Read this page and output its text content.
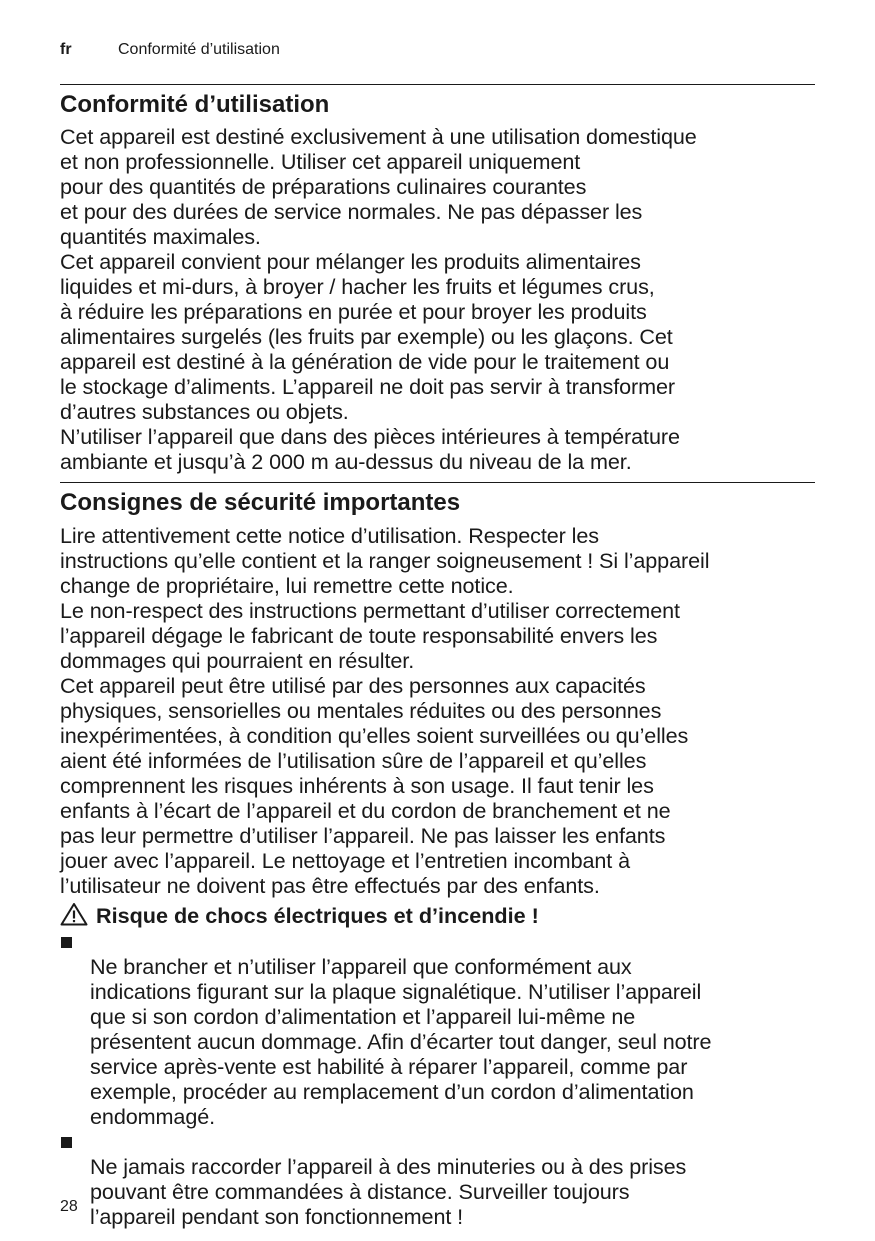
fr	Conformité d’utilisation
Conformité d’utilisation

Cet appareil est destiné exclusivement à une utilisation domestique
et non professionnelle. Utiliser cet appareil uniquement
pour des quantités de préparations culinaires courantes
et pour des durées de service normales. Ne pas dépasser les
quantités maximales.

Cet appareil convient pour mélanger les produits alimentaires
liquides et mi-durs, à broyer / hacher les fruits et légumes crus,
à réduire les préparations en purée et pour broyer les produits
alimentaires surgelés (les fruits par exemple) ou les glaçons. Cet
appareil est destiné à la génération de vide pour le traitement ou
le stockage d’aliments. L’appareil ne doit pas servir à transformer
d’autres substances ou objets.

N’utiliser l’appareil que dans des pièces intérieures à température
ambiante et jusqu’à 2 000 m au-dessus du niveau de la mer.

Consignes de sécurité importantes

Lire attentivement cette notice d’utilisation. Respecter les
instructions qu’elle contient et la ranger soigneusement ! Si l’appareil
change de propriétaire, lui remettre cette notice.

Le non-respect des instructions permettant d’utiliser correctement
l’appareil dégage le fabricant de toute responsabilité envers les
dommages qui pourraient en résulter.

Cet appareil peut être utilisé par des personnes aux capacités
physiques, sensorielles ou mentales réduites ou des personnes
inexpérimentées, à condition qu’elles soient surveillées ou qu’elles
aient été informées de l’utilisation sûre de l’appareil et qu’elles
comprennent les risques inhérents à son usage. Il faut tenir les
enfants à l’écart de l’appareil et du cordon de branchement et ne
pas leur permettre d’utiliser l’appareil. Ne pas laisser les enfants
jouer avec l’appareil. Le nettoyage et l’entretien incombant à
l’utilisateur ne doivent pas être effectués par des enfants.

Risque de chocs électriques et d’incendie !

Ne brancher et n’utiliser l’appareil que conformément aux
indications figurant sur la plaque signalétique. N’utiliser l’appareil
que si son cordon d’alimentation et l’appareil lui-même ne
présentent aucun dommage. Afin d’écarter tout danger, seul notre
service après-vente est habilité à réparer l’appareil, comme par
exemple, procéder au remplacement d’un cordon d’alimentation
endommagé.

Ne jamais raccorder l’appareil à des minuteries ou à des prises
pouvant être commandées à distance. Surveiller toujours
l’appareil pendant son fonctionnement !

28
